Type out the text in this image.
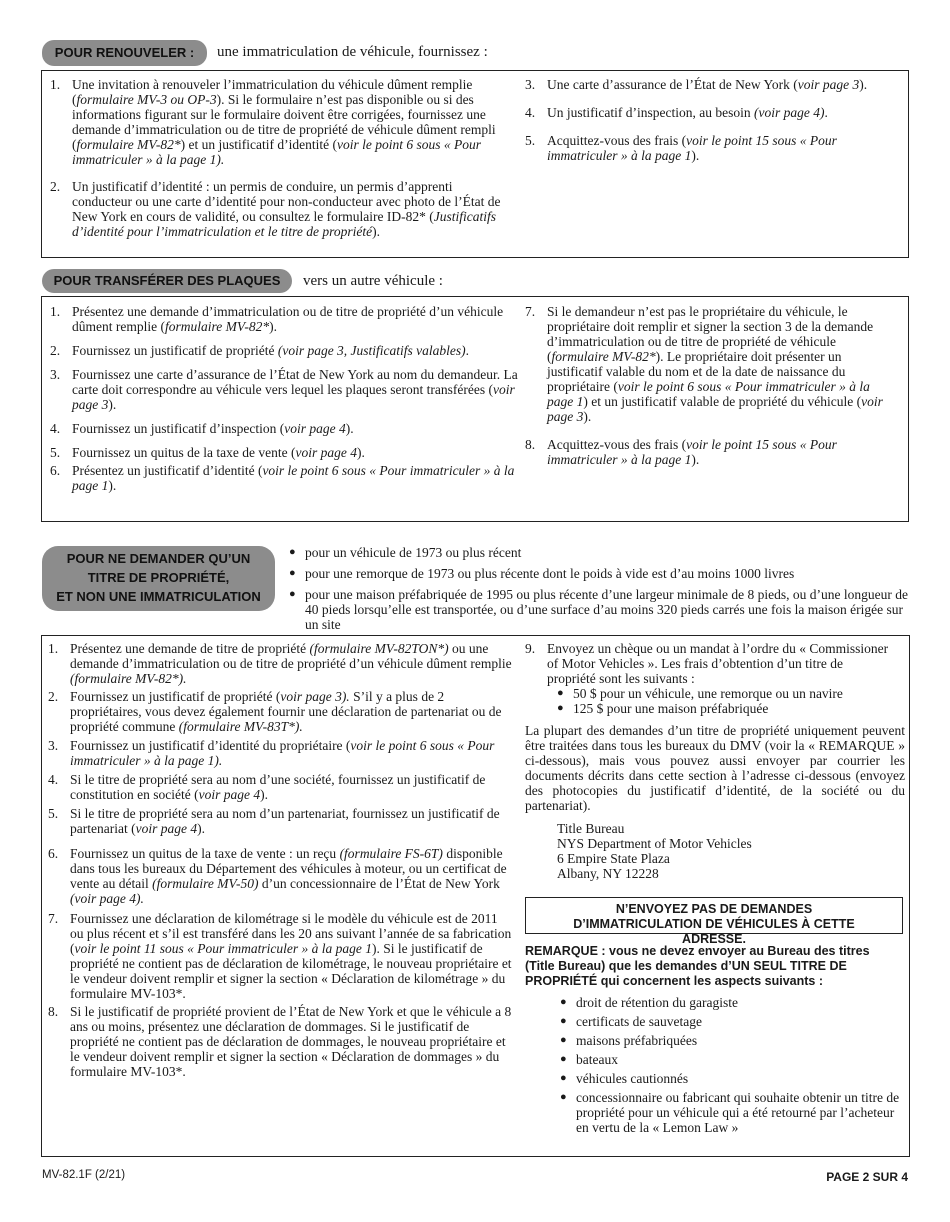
POUR RENOUVELER :	une immatriculation de véhicule, fournissez :
1. Une invitation à renouveler l’immatriculation du véhicule dûment remplie (formulaire MV-3 ou OP-3). Si le formulaire n’est pas disponible ou si des informations figurant sur le formulaire doivent être corrigées, fournissez une demande d’immatriculation ou de titre de propriété de véhicule dûment rempli (formulaire MV-82*) et un justificatif d’identité (voir le point 6 sous « Pour immatriculer » à la page 1).
2. Un justificatif d’identité : un permis de conduire, un permis d’apprenti conducteur ou une carte d’identité pour non-conducteur avec photo de l’État de New York en cours de validité, ou consultez le formulaire ID-82* (Justificatifs d’identité pour l’immatriculation et le titre de propriété).
3. Une carte d’assurance de l’État de New York (voir page 3).
4. Un justificatif d’inspection, au besoin (voir page 4).
5. Acquittez-vous des frais (voir le point 15 sous « Pour immatriculer » à la page 1).
POUR TRANSFÉRER DES PLAQUES	vers un autre véhicule :
1. Présentez une demande d’immatriculation ou de titre de propriété d’un véhicule dûment remplie (formulaire MV-82*).
2. Fournissez un justificatif de propriété (voir page 3, Justificatifs valables).
3. Fournissez une carte d’assurance de l’État de New York au nom du demandeur. La carte doit correspondre au véhicule vers lequel les plaques seront transférées (voir page 3).
4. Fournissez un justificatif d’inspection (voir page 4).
5. Fournissez un quitus de la taxe de vente (voir page 4).
6. Présentez un justificatif d’identité (voir le point 6 sous « Pour immatriculer » à la page 1).
7. Si le demandeur n’est pas le propriétaire du véhicule, le propriétaire doit remplir et signer la section 3 de la demande d’immatriculation ou de titre de propriété de véhicule (formulaire MV-82*). Le propriétaire doit présenter un justificatif valable du nom et de la date de naissance du propriétaire (voir le point 6 sous « Pour immatriculer » à la page 1) et un justificatif valable de propriété du véhicule (voir page 3).
8. Acquittez-vous des frais (voir le point 15 sous « Pour immatriculer » à la page 1).
POUR NE DEMANDER QU’UN
TITRE DE PROPRIÉTÉ,
ET NON UNE IMMATRICULATION
● pour un véhicule de 1973 ou plus récent
● pour une remorque de 1973 ou plus récente dont le poids à vide est d’au moins 1000 livres
● pour une maison préfabriquée de 1995 ou plus récente d’une largeur minimale de 8 pieds, ou d’une longueur de 40 pieds lorsqu’elle est transportée, ou d’une surface d’au moins 320 pieds carrés une fois la maison érigée sur un site
1. Présentez une demande de titre de propriété (formulaire MV-82TON*) ou une demande d’immatriculation ou de titre de propriété d’un véhicule dûment remplie (formulaire MV-82*).
2. Fournissez un justificatif de propriété (voir page 3). S’il y a plus de 2 propriétaires, vous devez également fournir une déclaration de partenariat ou de propriété commune (formulaire MV-83T*).
3. Fournissez un justificatif d’identité du propriétaire (voir le point 6 sous « Pour immatriculer » à la page 1).
4. Si le titre de propriété sera au nom d’une société, fournissez un justificatif de constitution en société (voir page 4).
5. Si le titre de propriété sera au nom d’un partenariat, fournissez un justificatif de partenariat (voir page 4).
6. Fournissez un quitus de la taxe de vente : un reçu (formulaire FS-6T) disponible dans tous les bureaux du Département des véhicules à moteur, ou un certificat de vente au détail (formulaire MV-50) d’un concessionnaire de l’État de New York (voir page 4).
7. Fournissez une déclaration de kilométrage si le modèle du véhicule est de 2011 ou plus récent et s’il est transféré dans les 20 ans suivant l’année de sa fabrication (voir le point 11 sous « Pour immatriculer » à la page 1). Si le justificatif de propriété ne contient pas de déclaration de kilométrage, le nouveau propriétaire et le vendeur doivent remplir et signer la section « Déclaration de kilométrage » du formulaire MV-103*.
8. Si le justificatif de propriété provient de l’État de New York et que le véhicule a 8 ans ou moins, présentez une déclaration de dommages. Si le justificatif de propriété ne contient pas de déclaration de dommages, le nouveau propriétaire et le vendeur doivent remplir et signer la section « Déclaration de dommages » du formulaire MV-103*.
9. Envoyez un chèque ou un mandat à l’ordre du « Commissioner of Motor Vehicles ». Les frais d’obtention d’un titre de propriété sont les suivants :
● 50 $ pour un véhicule, une remorque ou un navire
● 125 $ pour une maison préfabriquée
La plupart des demandes d’un titre de propriété uniquement peuvent être traitées dans tous les bureaux du DMV (voir la « REMARQUE » ci-dessous), mais vous pouvez aussi envoyer par courrier les documents décrits dans cette section à l’adresse ci-dessous (envoyez des photocopies du justificatif d’identité, de la société ou du partenariat).
Title Bureau
NYS Department of Motor Vehicles
6 Empire State Plaza
Albany, NY 12228
N’ENVOYEZ PAS DE DEMANDES D’IMMATRICULATION DE VÉHICULES À CETTE ADRESSE.
REMARQUE : vous ne devez envoyer au Bureau des titres (Title Bureau) que les demandes d’UN SEUL TITRE DE PROPRIÉTÉ qui concernent les aspects suivants :
● droit de rétention du garagiste
● certificats de sauvetage
● maisons préfabriquées
● bateaux
● véhicules cautionnés
● concessionnaire ou fabricant qui souhaite obtenir un titre de propriété pour un véhicule qui a été retourné par l’acheteur en vertu de la « Lemon Law »
MV-82.1F (2/21)	PAGE 2 SUR 4
